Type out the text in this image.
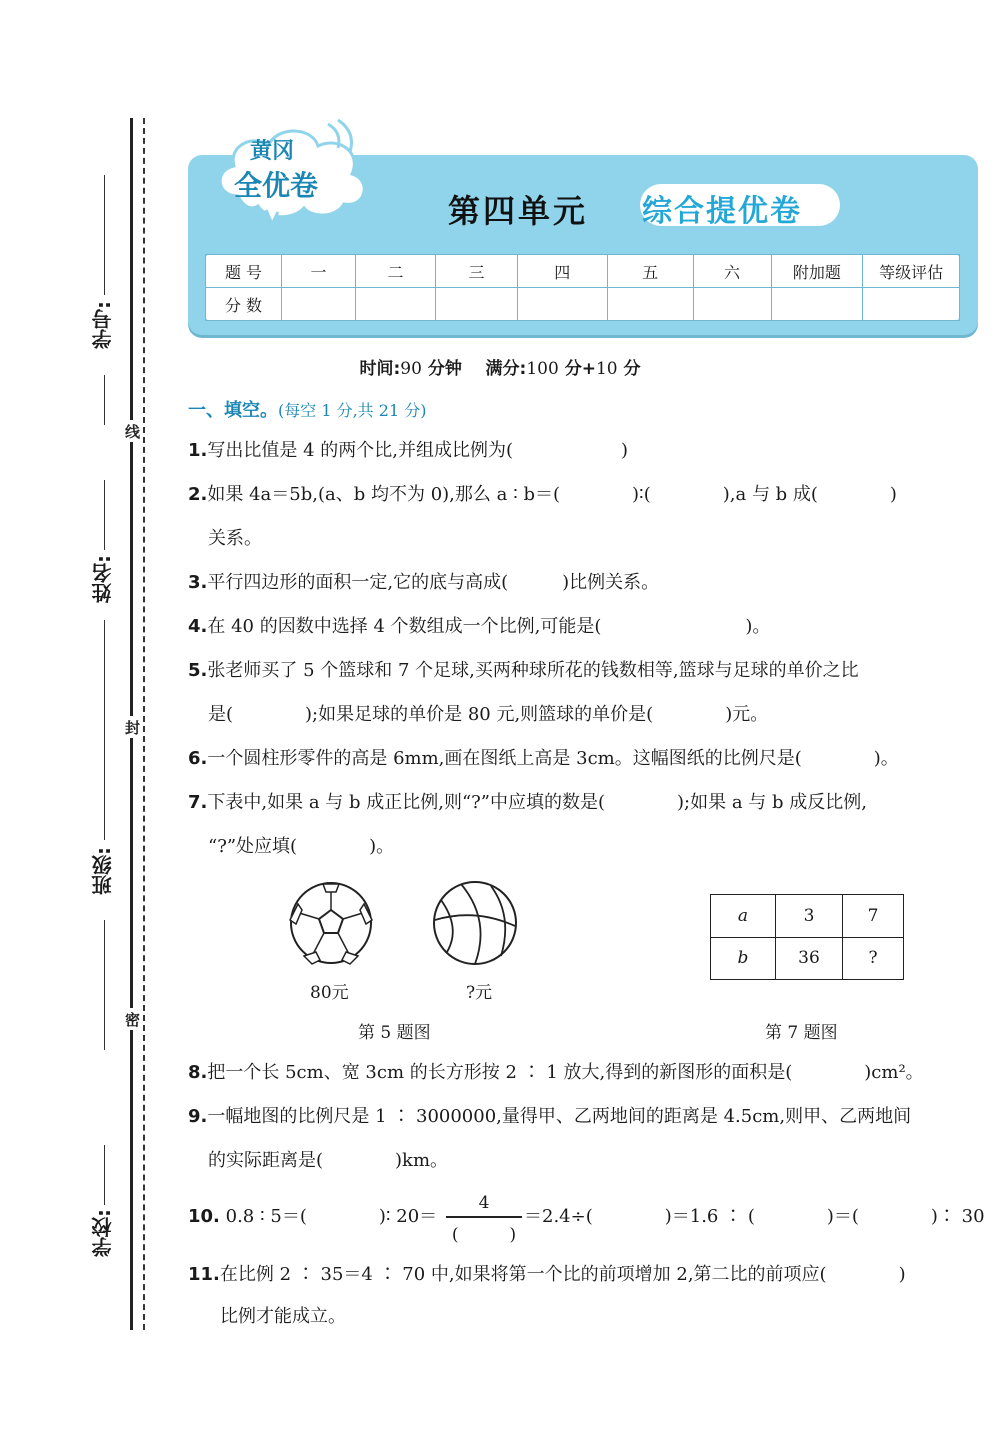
学号:
姓名:
班级:
学校:
线
封
密
黄冈
全优卷
第四单元 综合提优卷
题 号	一	二	三	四	五	六	附加题	等级评估
分 数								
时间:90 分钟 满分:100 分+10 分
一、填空。(每空 1 分,共 21 分)
1.写出比值是 4 的两个比,并组成比例为(　　　　　　)
2.如果 4a＝5b,(a、b 均不为 0),那么 a ∶ b＝(　　　　)∶(　　　　),a 与 b 成(　　　　)
关系。
3.平行四边形的面积一定,它的底与高成(　　　)比例关系。
4.在 40 的因数中选择 4 个数组成一个比例,可能是(　　　　　　　　)。
5.张老师买了 5 个篮球和 7 个足球,买两种球所花的钱数相等,篮球与足球的单价之比
是(　　　　);如果足球的单价是 80 元,则篮球的单价是(　　　　)元。
6.一个圆柱形零件的高是 6mm,画在图纸上高是 3cm。这幅图纸的比例尺是(　　　　)。
7.下表中,如果 a 与 b 成正比例,则“?”中应填的数是(　　　　);如果 a 与 b 成反比例,
“?”处应填(　　　　)。
80元	?元
第 5 题图
a	3	7
b	36	?
第 7 题图
8.把一个长 5cm、宽 3cm 的长方形按 2 ∶ 1 放大,得到的新图形的面积是(　　　　)cm²。
9.一幅地图的比例尺是 1 ∶ 3000000,量得甲、乙两地间的距离是 4.5cm,则甲、乙两地间
的实际距离是(　　　　)km。
10. 0.8 ∶ 5＝(　　　　)∶ 20＝
4
(　　　)
＝2.4÷(　　　　)＝1.6 ∶ (　　　　)＝(　　　　)∶ 30
11.在比例 2 ∶ 35＝4 ∶ 70 中,如果将第一个比的前项增加 2,第二比的前项应(　　　　)
比例才能成立。
